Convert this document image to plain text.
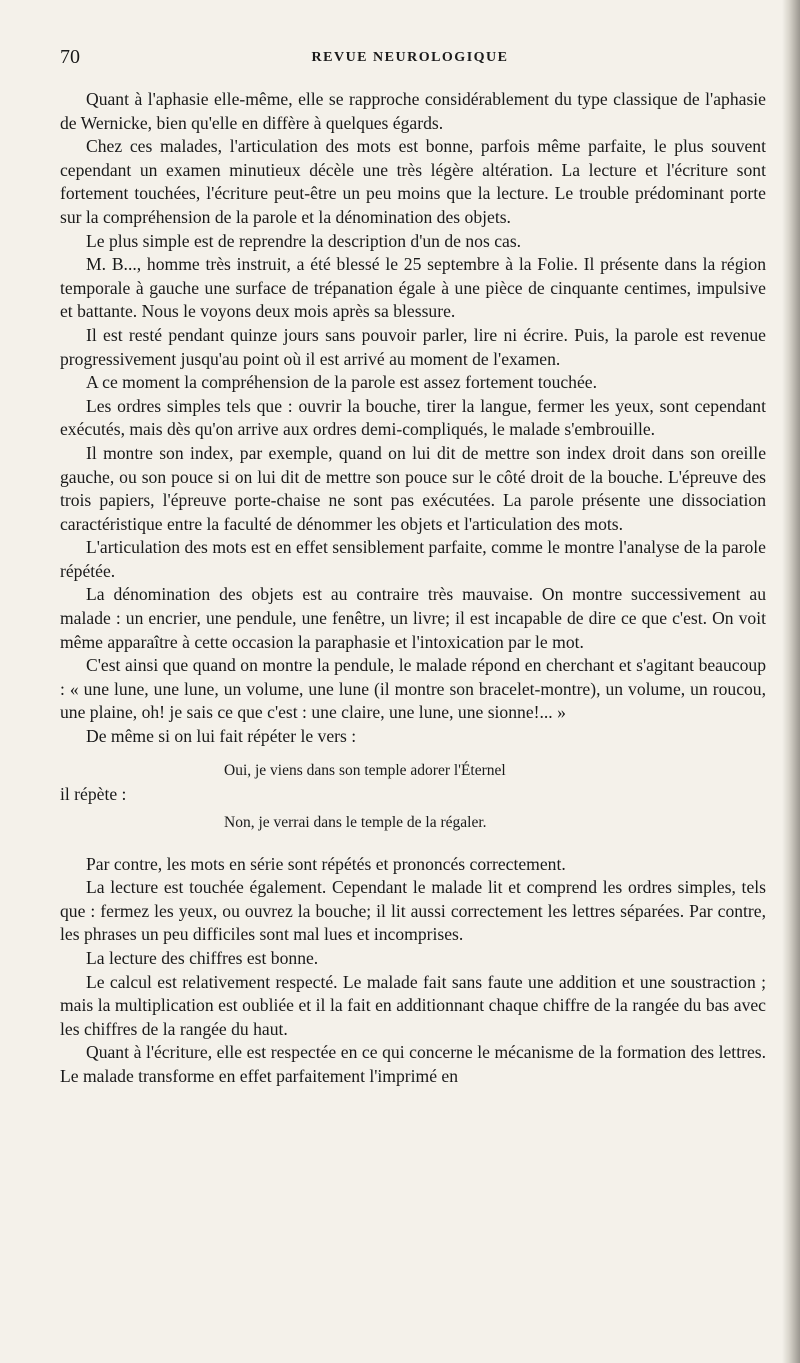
70	REVUE NEUROLOGIQUE

Quant à l'aphasie elle-même, elle se rapproche considérablement du type classique de l'aphasie de Wernicke, bien qu'elle en diffère à quelques égards.

Chez ces malades, l'articulation des mots est bonne, parfois même parfaite, le plus souvent cependant un examen minutieux décèle une très légère altération. La lecture et l'écriture sont fortement touchées, l'écriture peut-être un peu moins que la lecture. Le trouble prédominant porte sur la compréhension de la parole et la dénomination des objets.

Le plus simple est de reprendre la description d'un de nos cas.

M. B..., homme très instruit, a été blessé le 25 septembre à la Folie. Il présente dans la région temporale à gauche une surface de trépanation égale à une pièce de cinquante centimes, impulsive et battante. Nous le voyons deux mois après sa blessure.

Il est resté pendant quinze jours sans pouvoir parler, lire ni écrire. Puis, la parole est revenue progressivement jusqu'au point où il est arrivé au moment de l'examen.

A ce moment la compréhension de la parole est assez fortement touchée.

Les ordres simples tels que : ouvrir la bouche, tirer la langue, fermer les yeux, sont cependant exécutés, mais dès qu'on arrive aux ordres demi-compliqués, le malade s'embrouille.

Il montre son index, par exemple, quand on lui dit de mettre son index droit dans son oreille gauche, ou son pouce si on lui dit de mettre son pouce sur le côté droit de la bouche. L'épreuve des trois papiers, l'épreuve porte-chaise ne sont pas exécutées. La parole présente une dissociation caractéristique entre la faculté de dénommer les objets et l'articulation des mots.

L'articulation des mots est en effet sensiblement parfaite, comme le montre l'analyse de la parole répétée.

La dénomination des objets est au contraire très mauvaise. On montre successivement au malade : un encrier, une pendule, une fenêtre, un livre; il est incapable de dire ce que c'est. On voit même apparaître à cette occasion la paraphasie et l'intoxication par le mot.

C'est ainsi que quand on montre la pendule, le malade répond en cherchant et s'agitant beaucoup : « une lune, une lune, un volume, une lune (il montre son bracelet-montre), un volume, un roucou, une plaine, oh! je sais ce que c'est : une claire, une lune, une sionne!... »

De même si on lui fait répéter le vers :

Oui, je viens dans son temple adorer l'Éternel
il répète :
Non, je verrai dans le temple de la régaler.

Par contre, les mots en série sont répétés et prononcés correctement.

La lecture est touchée également. Cependant le malade lit et comprend les ordres simples, tels que : fermez les yeux, ou ouvrez la bouche; il lit aussi correctement les lettres séparées. Par contre, les phrases un peu difficiles sont mal lues et incomprises.

La lecture des chiffres est bonne.

Le calcul est relativement respecté. Le malade fait sans faute une addition et une soustraction ; mais la multiplication est oubliée et il la fait en additionnant chaque chiffre de la rangée du bas avec les chiffres de la rangée du haut.

Quant à l'écriture, elle est respectée en ce qui concerne le mécanisme de la formation des lettres. Le malade transforme en effet parfaitement l'imprimé en
